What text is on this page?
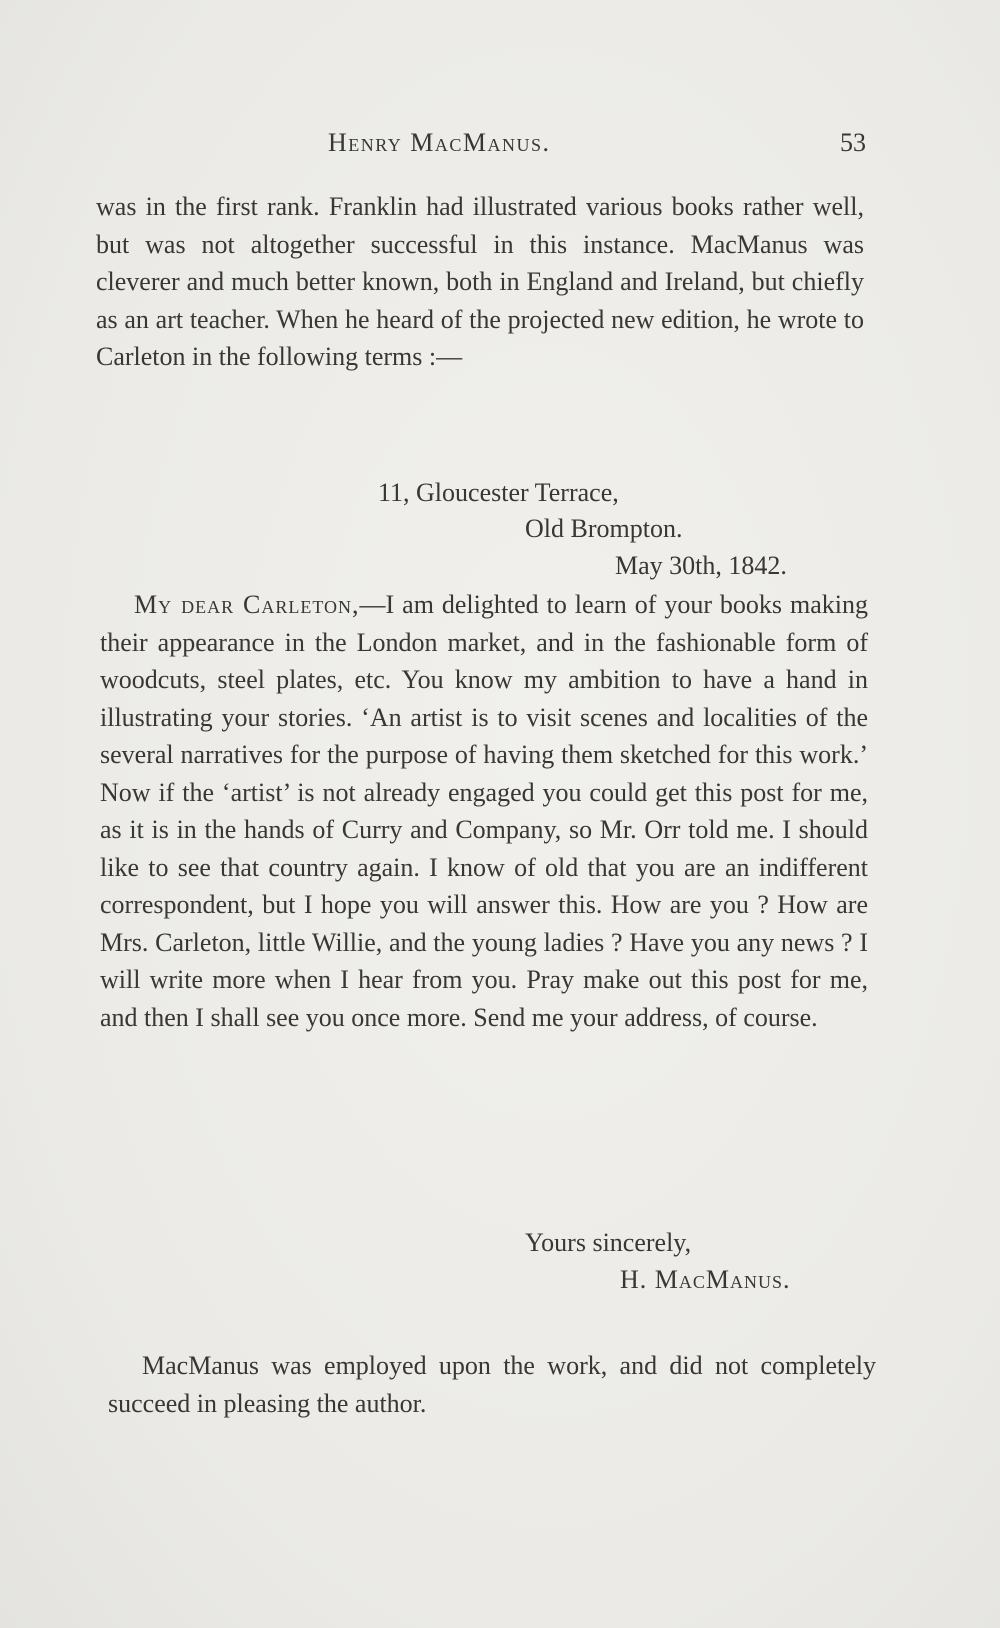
Henry MacManus.	53
was in the first rank. Franklin had illustrated various books rather well, but was not altogether successful in this instance. MacManus was cleverer and much better known, both in England and Ireland, but chiefly as an art teacher. When he heard of the projected new edition, he wrote to Carleton in the following terms :—
11, Gloucester Terrace,
Old Brompton.
May 30th, 1842.
My dear Carleton,—I am delighted to learn of your books making their appearance in the London market, and in the fashionable form of woodcuts, steel plates, etc. You know my ambition to have a hand in illustrating your stories. ‘An artist is to visit scenes and localities of the several narratives for the purpose of having them sketched for this work.’ Now if the ‘artist’ is not already engaged you could get this post for me, as it is in the hands of Curry and Company, so Mr. Orr told me. I should like to see that country again. I know of old that you are an indifferent correspondent, but I hope you will answer this. How are you ? How are Mrs. Carleton, little Willie, and the young ladies ? Have you any news ? I will write more when I hear from you. Pray make out this post for me, and then I shall see you once more. Send me your address, of course.
Yours sincerely,
H. MacManus.
MacManus was employed upon the work, and did not completely succeed in pleasing the author.
